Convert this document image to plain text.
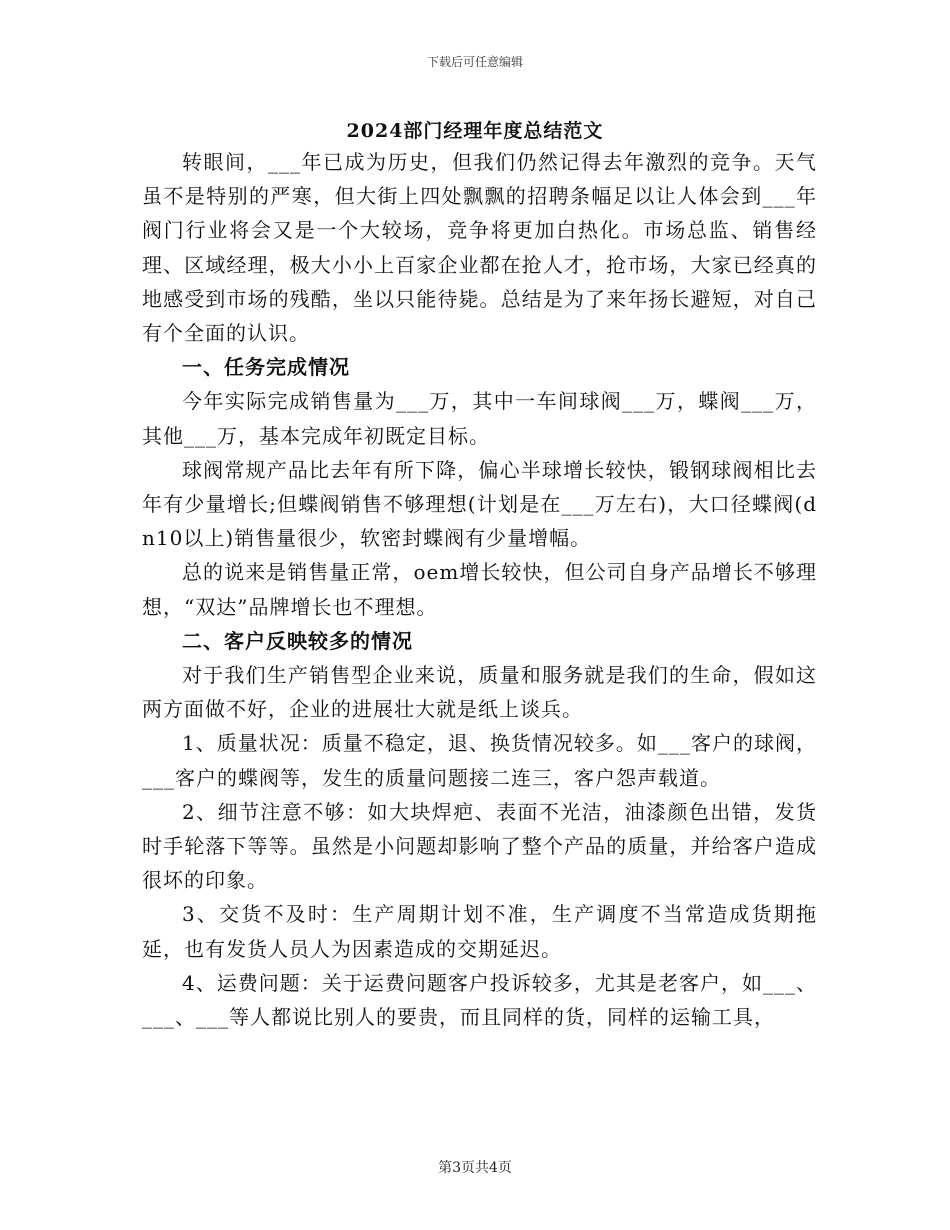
下载后可任意编辑
2024部门经理年度总结范文

转眼间，___年已成为历史，但我们仍然记得去年激烈的竞争。天气虽不是特别的严寒，但大街上四处飘飘的招聘条幅足以让人体会到___年阀门行业将会又是一个大较场，竞争将更加白热化。市场总监、销售经理、区域经理，极大小小上百家企业都在抢人才，抢市场，大家已经真的地感受到市场的残酷，坐以只能待毙。总结是为了来年扬长避短，对自己有个全面的认识。

一、任务完成情况

今年实际完成销售量为___万，其中一车间球阀___万，蝶阀___万，其他___万，基本完成年初既定目标。

球阀常规产品比去年有所下降，偏心半球增长较快，锻钢球阀相比去年有少量增长;但蝶阀销售不够理想(计划是在___万左右)，大口径蝶阀(dn10以上)销售量很少，软密封蝶阀有少量增幅。

总的说来是销售量正常，oem增长较快，但公司自身产品增长不够理想，“双达”品牌增长也不理想。

二、客户反映较多的情况

对于我们生产销售型企业来说，质量和服务就是我们的生命，假如这两方面做不好，企业的进展壮大就是纸上谈兵。

1、质量状况：质量不稳定，退、换货情况较多。如___客户的球阀，___客户的蝶阀等，发生的质量问题接二连三，客户怨声载道。

2、细节注意不够：如大块焊疤、表面不光洁，油漆颜色出错，发货时手轮落下等等。虽然是小问题却影响了整个产品的质量，并给客户造成很坏的印象。

3、交货不及时：生产周期计划不准，生产调度不当常造成货期拖延，也有发货人员人为因素造成的交期延迟。

4、运费问题：关于运费问题客户投诉较多，尤其是老客户，如___、___、___等人都说比别人的要贵，而且同样的货，同样的运输工具，

第3页共4页
